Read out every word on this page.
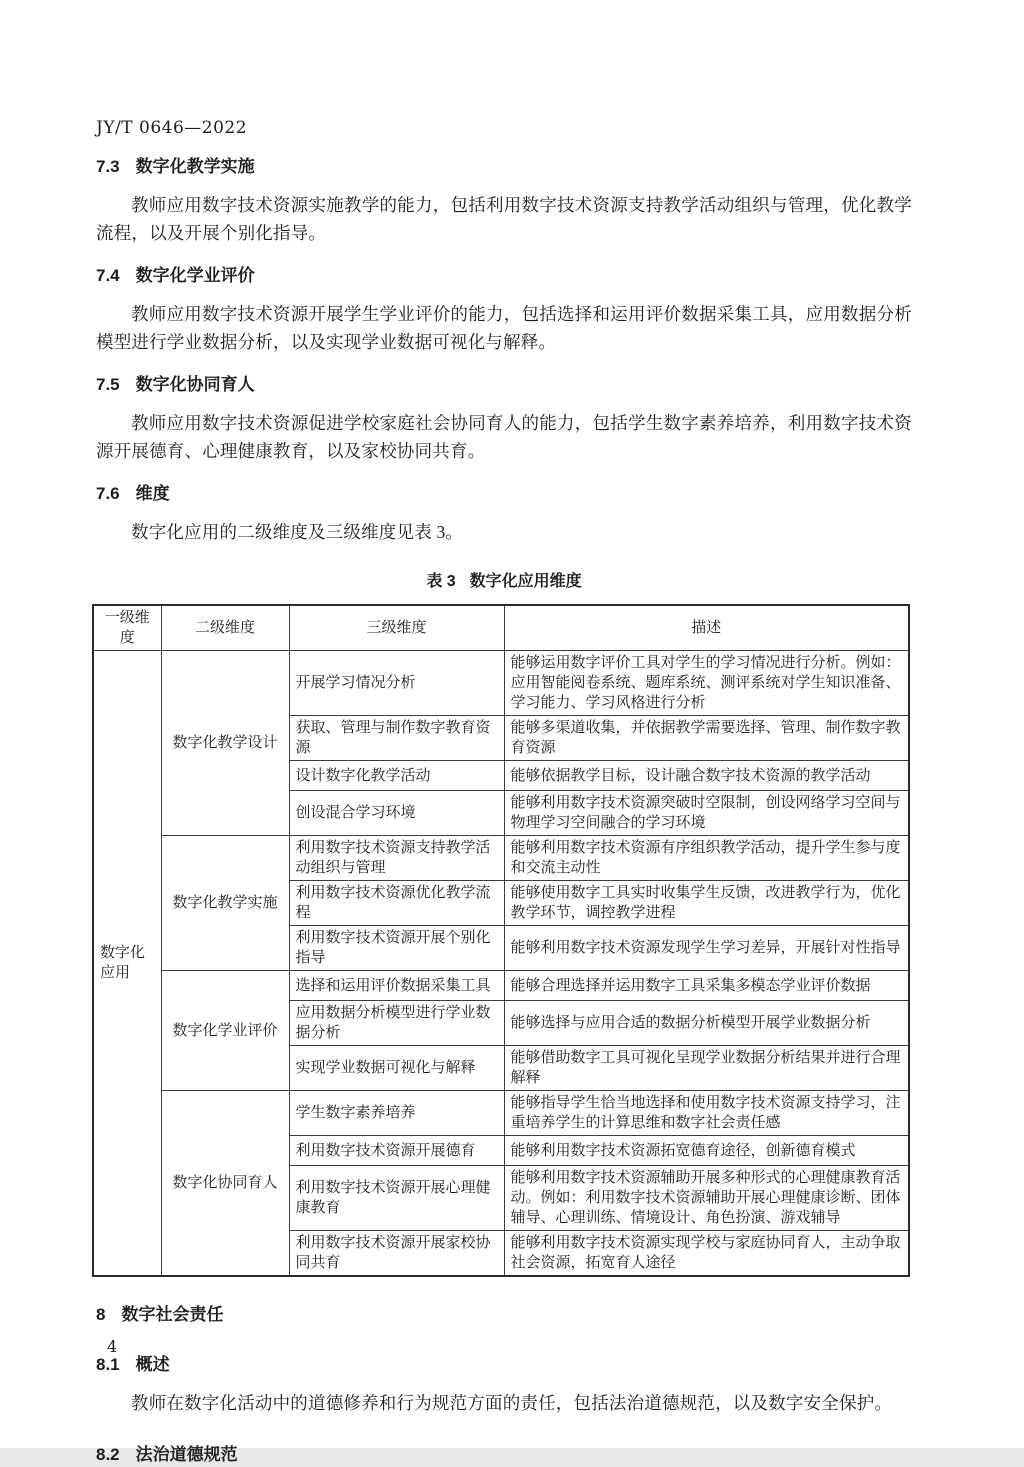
JY/T 0646—2022
7.3 数字化教学实施
教师应用数字技术资源实施教学的能力，包括利用数字技术资源支持教学活动组织与管理，优化教学流程，以及开展个别化指导。
7.4 数字化学业评价
教师应用数字技术资源开展学生学业评价的能力，包括选择和运用评价数据采集工具，应用数据分析模型进行学业数据分析，以及实现学业数据可视化与解释。
7.5 数字化协同育人
教师应用数字技术资源促进学校家庭社会协同育人的能力，包括学生数字素养培养，利用数字技术资源开展德育、心理健康教育，以及家校协同共育。
7.6 维度
数字化应用的二级维度及三级维度见表 3。
表 3 数字化应用维度
一级维度	二级维度	三级维度	描述
数字化应用	数字化教学设计	开展学习情况分析	能够运用数字评价工具对学生的学习情况进行分析。例如：应用智能阅卷系统、题库系统、测评系统对学生知识准备、学习能力、学习风格进行分析
		获取、管理与制作数字教育资源	能够多渠道收集，并依据教学需要选择、管理、制作数字教育资源
		设计数字化教学活动	能够依据教学目标，设计融合数字技术资源的教学活动
		创设混合学习环境	能够利用数字技术资源突破时空限制，创设网络学习空间与物理学习空间融合的学习环境
	数字化教学实施	利用数字技术资源支持教学活动组织与管理	能够利用数字技术资源有序组织教学活动，提升学生参与度和交流主动性
		利用数字技术资源优化教学流程	能够使用数字工具实时收集学生反馈，改进教学行为，优化教学环节，调控教学进程
		利用数字技术资源开展个别化指导	能够利用数字技术资源发现学生学习差异，开展针对性指导
	数字化学业评价	选择和运用评价数据采集工具	能够合理选择并运用数字工具采集多模态学业评价数据
		应用数据分析模型进行学业数据分析	能够选择与应用合适的数据分析模型开展学业数据分析
		实现学业数据可视化与解释	能够借助数字工具可视化呈现学业数据分析结果并进行合理解释
	数字化协同育人	学生数字素养培养	能够指导学生恰当地选择和使用数字技术资源支持学习，注重培养学生的计算思维和数字社会责任感
		利用数字技术资源开展德育	能够利用数字技术资源拓宽德育途径，创新德育模式
		利用数字技术资源开展心理健康教育	能够利用数字技术资源辅助开展多种形式的心理健康教育活动。例如：利用数字技术资源辅助开展心理健康诊断、团体辅导、心理训练、情境设计、角色扮演、游戏辅导
		利用数字技术资源开展家校协同共育	能够利用数字技术资源实现学校与家庭协同育人，主动争取社会资源，拓宽育人途径
8 数字社会责任
8.1 概述
教师在数字化活动中的道德修养和行为规范方面的责任，包括法治道德规范，以及数字安全保护。
8.2 法治道德规范
4
